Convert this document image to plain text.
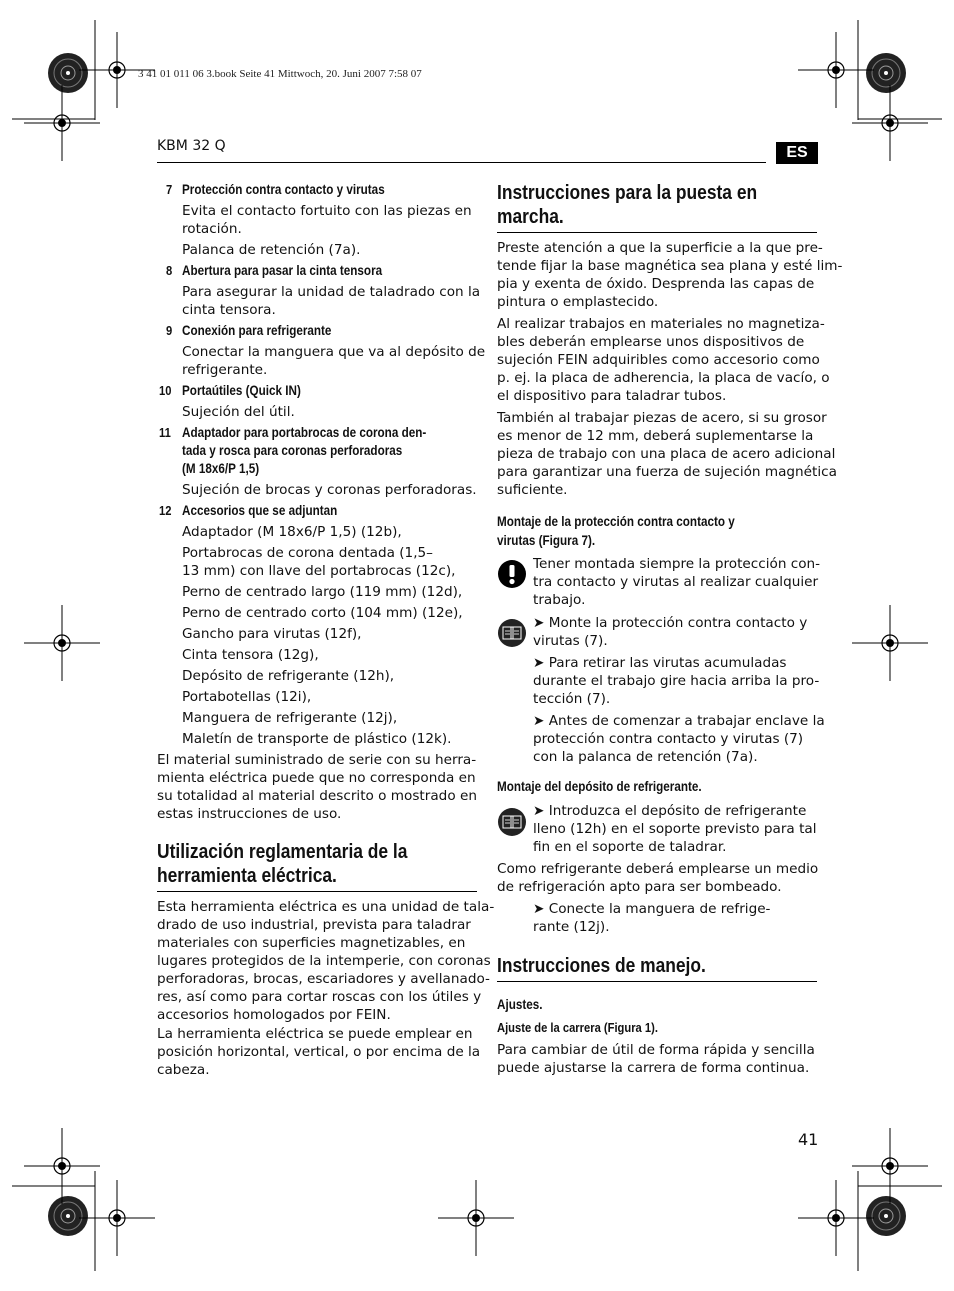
3 41 01 011 06 3.book Seite 41 Mittwoch, 20. Juni 2007 7:58 07
KBM 32 Q	ES
7 Protección contra contacto y virutas
Evita el contacto fortuito con las piezas en
rotación.
Palanca de retención (7a).
8 Abertura para pasar la cinta tensora
Para asegurar la unidad de taladrado con la
cinta tensora.
9 Conexión para refrigerante
Conectar la manguera que va al depósito de
refrigerante.
10 Portaútiles (Quick IN)
Sujeción del útil.
11 Adaptador para portabrocas de corona den-
tada y rosca para coronas perforadoras
(M 18x6/P 1,5)
Sujeción de brocas y coronas perforadoras.
12 Accesorios que se adjuntan
Adaptador (M 18x6/P 1,5) (12b),
Portabrocas de corona dentada (1,5–
13 mm) con llave del portabrocas (12c),
Perno de centrado largo (119 mm) (12d),
Perno de centrado corto (104 mm) (12e),
Gancho para virutas (12f),
Cinta tensora (12g),
Depósito de refrigerante (12h),
Portabotellas (12i),
Manguera de refrigerante (12j),
Maletín de transporte de plástico (12k).
El material suministrado de serie con su herra-
mienta eléctrica puede que no corresponda en
su totalidad al material descrito o mostrado en
estas instrucciones de uso.
Utilización reglamentaria de la
herramienta eléctrica.
Esta herramienta eléctrica es una unidad de tala-
drado de uso industrial, prevista para taladrar
materiales con superficies magnetizables, en
lugares protegidos de la intemperie, con coronas
perforadoras, brocas, escariadores y avellanado-
res, así como para cortar roscas con los útiles y
accesorios homologados por FEIN.
La herramienta eléctrica se puede emplear en
posición horizontal, vertical, o por encima de la
cabeza.
Instrucciones para la puesta en
marcha.
Preste atención a que la superficie a la que pre-
tende fijar la base magnética sea plana y esté lim-
pia y exenta de óxido. Desprenda las capas de
pintura o emplastecido.
Al realizar trabajos en materiales no magnetiza-
bles deberán emplearse unos dispositivos de
sujeción FEIN adquiribles como accesorio como
p. ej. la placa de adherencia, la placa de vacío, o
el dispositivo para taladrar tubos.
También al trabajar piezas de acero, si su grosor
es menor de 12 mm, deberá suplementarse la
pieza de trabajo con una placa de acero adicional
para garantizar una fuerza de sujeción magnética
suficiente.
Montaje de la protección contra contacto y
virutas (Figura 7).
Tener montada siempre la protección con-
tra contacto y virutas al realizar cualquier
trabajo.
➤ Monte la protección contra contacto y
virutas (7).
➤ Para retirar las virutas acumuladas
durante el trabajo gire hacia arriba la pro-
tección (7).
➤ Antes de comenzar a trabajar enclave la
protección contra contacto y virutas (7)
con la palanca de retención (7a).
Montaje del depósito de refrigerante.
➤ Introduzca el depósito de refrigerante
lleno (12h) en el soporte previsto para tal
fin en el soporte de taladrar.
Como refrigerante deberá emplearse un medio
de refrigeración apto para ser bombeado.
➤ Conecte la manguera de refrige-
rante (12j).
Instrucciones de manejo.
Ajustes.
Ajuste de la carrera (Figura 1).
Para cambiar de útil de forma rápida y sencilla
puede ajustarse la carrera de forma continua.
41
